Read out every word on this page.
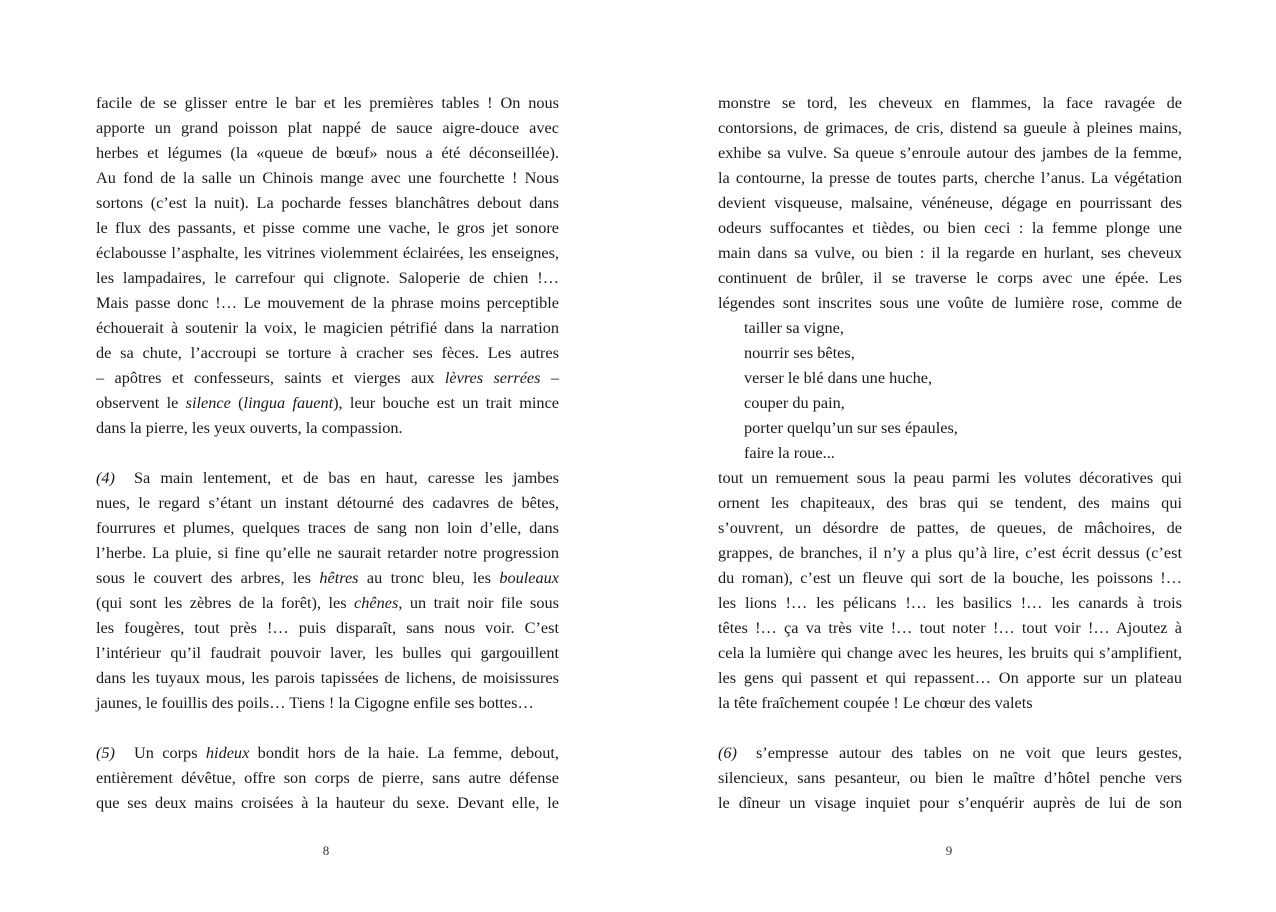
facile de se glisser entre le bar et les premières tables ! On nous
apporte un grand poisson plat nappé de sauce aigre-douce avec
herbes et légumes (la «queue de bœuf» nous a été déconseillée).
Au fond de la salle un Chinois mange avec une fourchette ! Nous
sortons (c’est la nuit). La pocharde fesses blanchâtres debout dans
le flux des passants, et pisse comme une vache, le gros jet sonore
éclabousse l’asphalte, les vitrines violemment éclairées, les enseignes,
les lampadaires, le carrefour qui clignote. Saloperie de chien !…
Mais passe donc !… Le mouvement de la phrase moins perceptible
échouerait à soutenir la voix, le magicien pétrifié dans la narration
de sa chute, l’accroupi se torture à cracher ses fèces. Les autres
– apôtres et confesseurs, saints et vierges aux lèvres serrées –
observent le silence (lingua fauent), leur bouche est un trait mince
dans la pierre, les yeux ouverts, la compassion.
(4) Sa main lentement, et de bas en haut, caresse les jambes
nues, le regard s’étant un instant détourné des cadavres de bêtes,
fourrures et plumes, quelques traces de sang non loin d’elle, dans
l’herbe. La pluie, si fine qu’elle ne saurait retarder notre progression
sous le couvert des arbres, les hêtres au tronc bleu, les bouleaux
(qui sont les zèbres de la forêt), les chênes, un trait noir file sous
les fougères, tout près !… puis disparaît, sans nous voir. C’est
l’intérieur qu’il faudrait pouvoir laver, les bulles qui gargouillent
dans les tuyaux mous, les parois tapissées de lichens, de moisissures
jaunes, le fouillis des poils… Tiens ! la Cigogne enfile ses bottes…
(5) Un corps hideux bondit hors de la haie. La femme, debout,
entièrement dévêtue, offre son corps de pierre, sans autre défense
que ses deux mains croisées à la hauteur du sexe. Devant elle, le
8
monstre se tord, les cheveux en flammes, la face ravagée de
contorsions, de grimaces, de cris, distend sa gueule à pleines mains,
exhibe sa vulve. Sa queue s’enroule autour des jambes de la femme,
la contourne, la presse de toutes parts, cherche l’anus. La végétation
devient visqueuse, malsaine, vénéneuse, dégage en pourrissant des
odeurs suffocantes et tièdes, ou bien ceci : la femme plonge une
main dans sa vulve, ou bien : il la regarde en hurlant, ses cheveux
continuent de brûler, il se traverse le corps avec une épée. Les
légendes sont inscrites sous une voûte de lumière rose, comme de
tailler sa vigne,
nourrir ses bêtes,
verser le blé dans une huche,
couper du pain,
porter quelqu’un sur ses épaules,
faire la roue...
tout un remuement sous la peau parmi les volutes décoratives qui
ornent les chapiteaux, des bras qui se tendent, des mains qui
s’ouvrent, un désordre de pattes, de queues, de mâchoires, de
grappes, de branches, il n’y a plus qu’à lire, c’est écrit dessus (c’est
du roman), c’est un fleuve qui sort de la bouche, les poissons !…
les lions !… les pélicans !… les basilics !… les canards à trois
têtes !… ça va très vite !… tout noter !… tout voir !… Ajoutez à
cela la lumière qui change avec les heures, les bruits qui s’amplifient,
les gens qui passent et qui repassent… On apporte sur un plateau
la tête fraîchement coupée ! Le chœur des valets
(6) s’empresse autour des tables on ne voit que leurs gestes,
silencieux, sans pesanteur, ou bien le maître d’hôtel penche vers
le dîneur un visage inquiet pour s’enquérir auprès de lui de son
9
